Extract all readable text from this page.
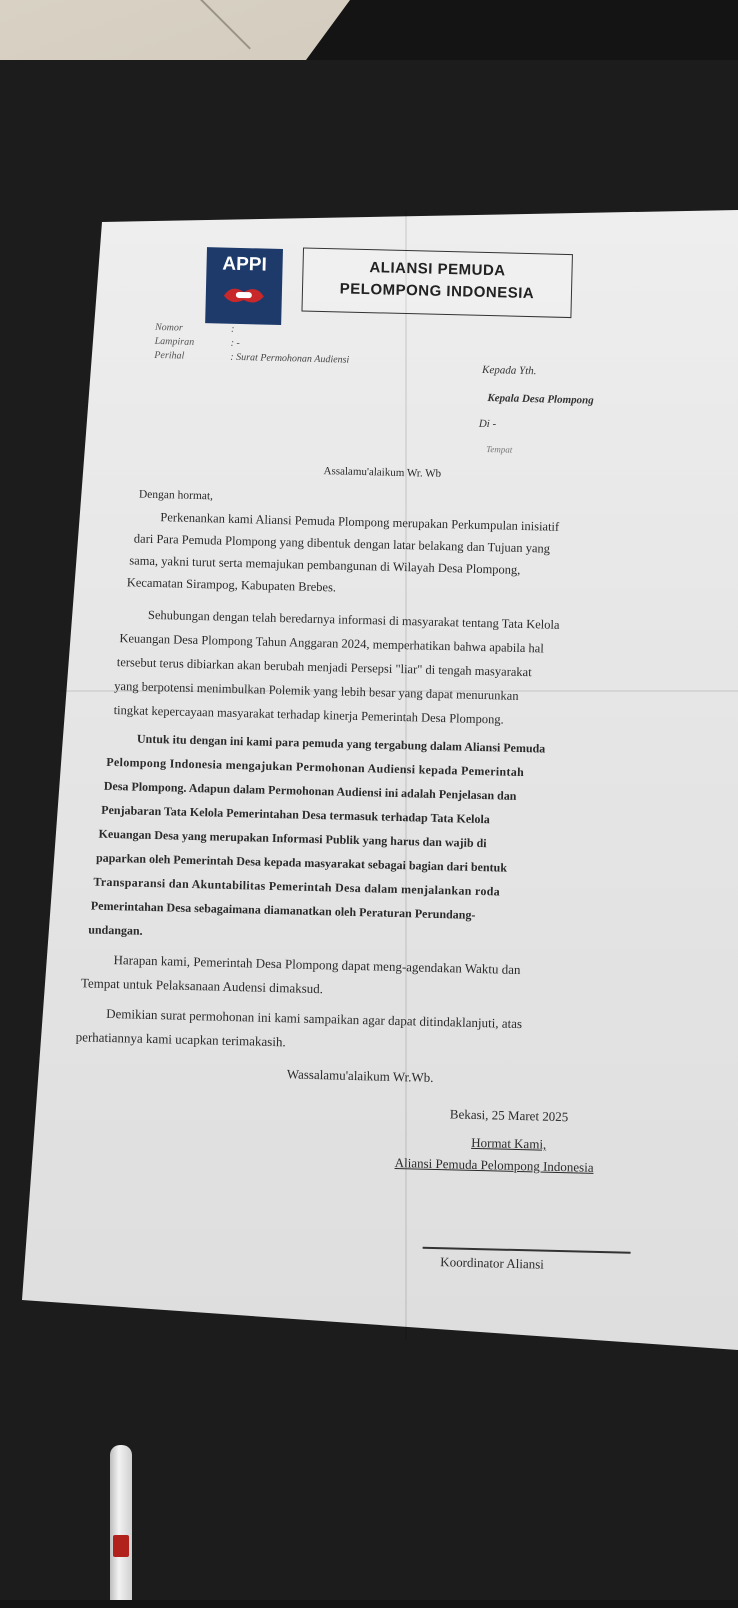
APPI	ALIANSI PEMUDA
PELOMPONG INDONESIA
Nomor	:
Lampiran	: -
Perihal	: Surat Permohonan Audiensi
Kepada Yth.
Kepala Desa Plompong
Di -
Tempat
Assalamu'alaikum Wr. Wb
Dengan hormat,
Perkenankan kami Aliansi Pemuda Plompong merupakan Perkumpulan inisiatif
dari Para Pemuda Plompong yang dibentuk dengan latar belakang dan Tujuan yang
sama, yakni turut serta memajukan pembangunan di Wilayah Desa Plompong,
Kecamatan Sirampog, Kabupaten Brebes.
Sehubungan dengan telah beredarnya informasi di masyarakat tentang Tata Kelola
Keuangan Desa Plompong Tahun Anggaran 2024, memperhatikan bahwa apabila hal
tersebut terus dibiarkan akan berubah menjadi Persepsi "liar" di tengah masyarakat
yang berpotensi menimbulkan Polemik yang lebih besar yang dapat menurunkan
tingkat kepercayaan masyarakat terhadap kinerja Pemerintah Desa Plompong.
Untuk itu dengan ini kami para pemuda yang tergabung dalam Aliansi Pemuda
Pelompong Indonesia mengajukan Permohonan Audiensi kepada Pemerintah
Desa Plompong. Adapun dalam Permohonan Audiensi ini adalah Penjelasan dan
Penjabaran Tata Kelola Pemerintahan Desa termasuk terhadap Tata Kelola
Keuangan Desa yang merupakan Informasi Publik yang harus dan wajib di
paparkan oleh Pemerintah Desa kepada masyarakat sebagai bagian dari bentuk
Transparansi dan Akuntabilitas Pemerintah Desa dalam menjalankan roda
Pemerintahan Desa sebagaimana diamanatkan oleh Peraturan Perundang-
undangan.
Harapan kami, Pemerintah Desa Plompong dapat meng-agendakan Waktu dan
Tempat untuk Pelaksanaan Audensi dimaksud.
Demikian surat permohonan ini kami sampaikan agar dapat ditindaklanjuti, atas
perhatiannya kami ucapkan terimakasih.
Wassalamu'alaikum Wr.Wb.
Bekasi, 25 Maret 2025
Hormat Kami,
Aliansi Pemuda Pelompong Indonesia
Koordinator Aliansi
